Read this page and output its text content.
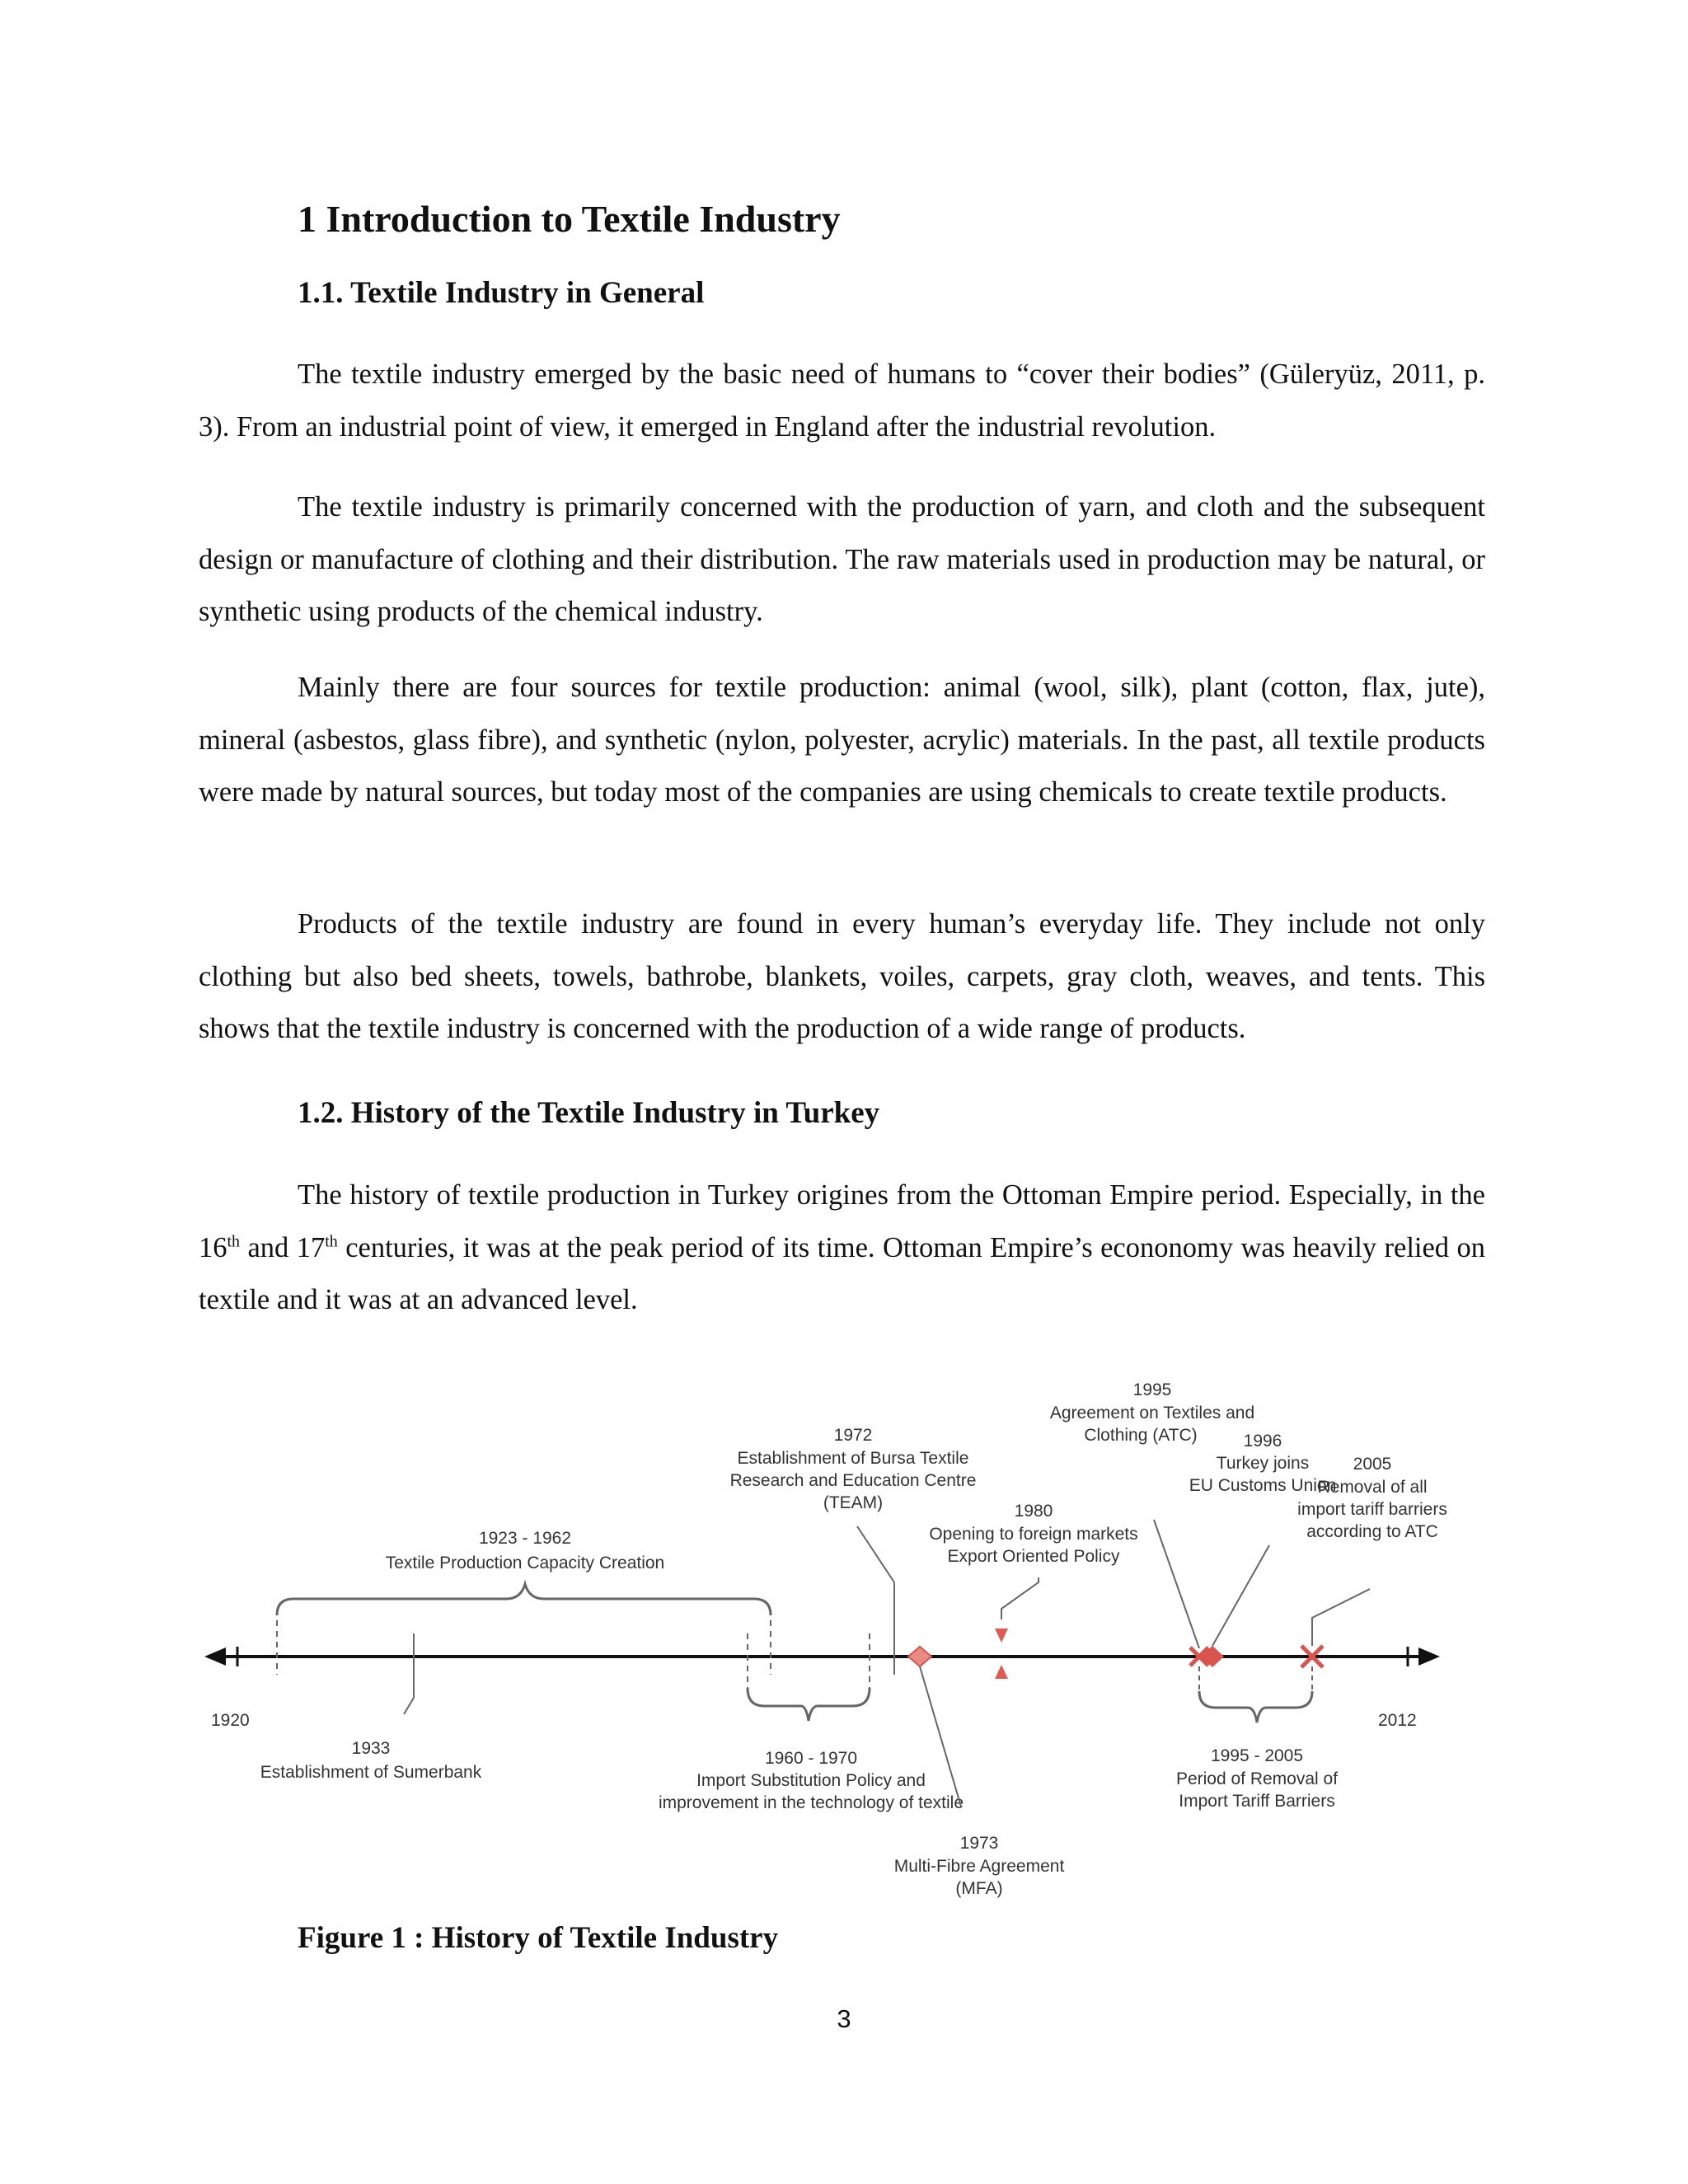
1 Introduction to Textile Industry
1.1. Textile Industry in General

The textile industry emerged by the basic need of humans to “cover their bodies” (Güleryüz, 2011, p. 3). From an industrial point of view, it emerged in England after the industrial revolution.

The textile industry is primarily concerned with the production of yarn, and cloth and the subsequent design or manufacture of clothing and their distribution. The raw materials used in production may be natural, or synthetic using products of the chemical industry.

Mainly there are four sources for textile production: animal (wool, silk), plant (cotton, flax, jute), mineral (asbestos, glass fibre), and synthetic (nylon, polyester, acrylic) materials. In the past, all textile products were made by natural sources, but today most of the companies are using chemicals to create textile products.

Products of the textile industry are found in every human’s everyday life. They include not only clothing but also bed sheets, towels, bathrobe, blankets, voiles, carpets, gray cloth, weaves, and tents. This shows that the textile industry is concerned with the production of a wide range of products.

1.2. History of the Textile Industry in Turkey

The history of textile production in Turkey origines from the Ottoman Empire period. Especially, in the 16th and 17th centuries, it was at the peak period of its time. Ottoman Empire’s econonomy was heavily relied on textile and it was at an advanced level.

1920	2012
1923 - 1962
Textile Production Capacity Creation
1933
Establishment of Sumerbank
1960 - 1970
Import Substitution Policy and
improvement in the technology of textile
1972
Establishment of Bursa Textile
Research and Education Centre
(TEAM)
1973
Multi-Fibre Agreement
(MFA)
1980
Opening to foreign markets
Export Oriented Policy
1995
Agreement on Textiles and
Clothing (ATC)	1996
Turkey joins
EU Customs Union
2005
Removal of all
import tariff barriers
according to ATC
1995 - 2005
Period of Removal of
Import Tariff Barriers

Figure 1 : History of Textile Industry

3
